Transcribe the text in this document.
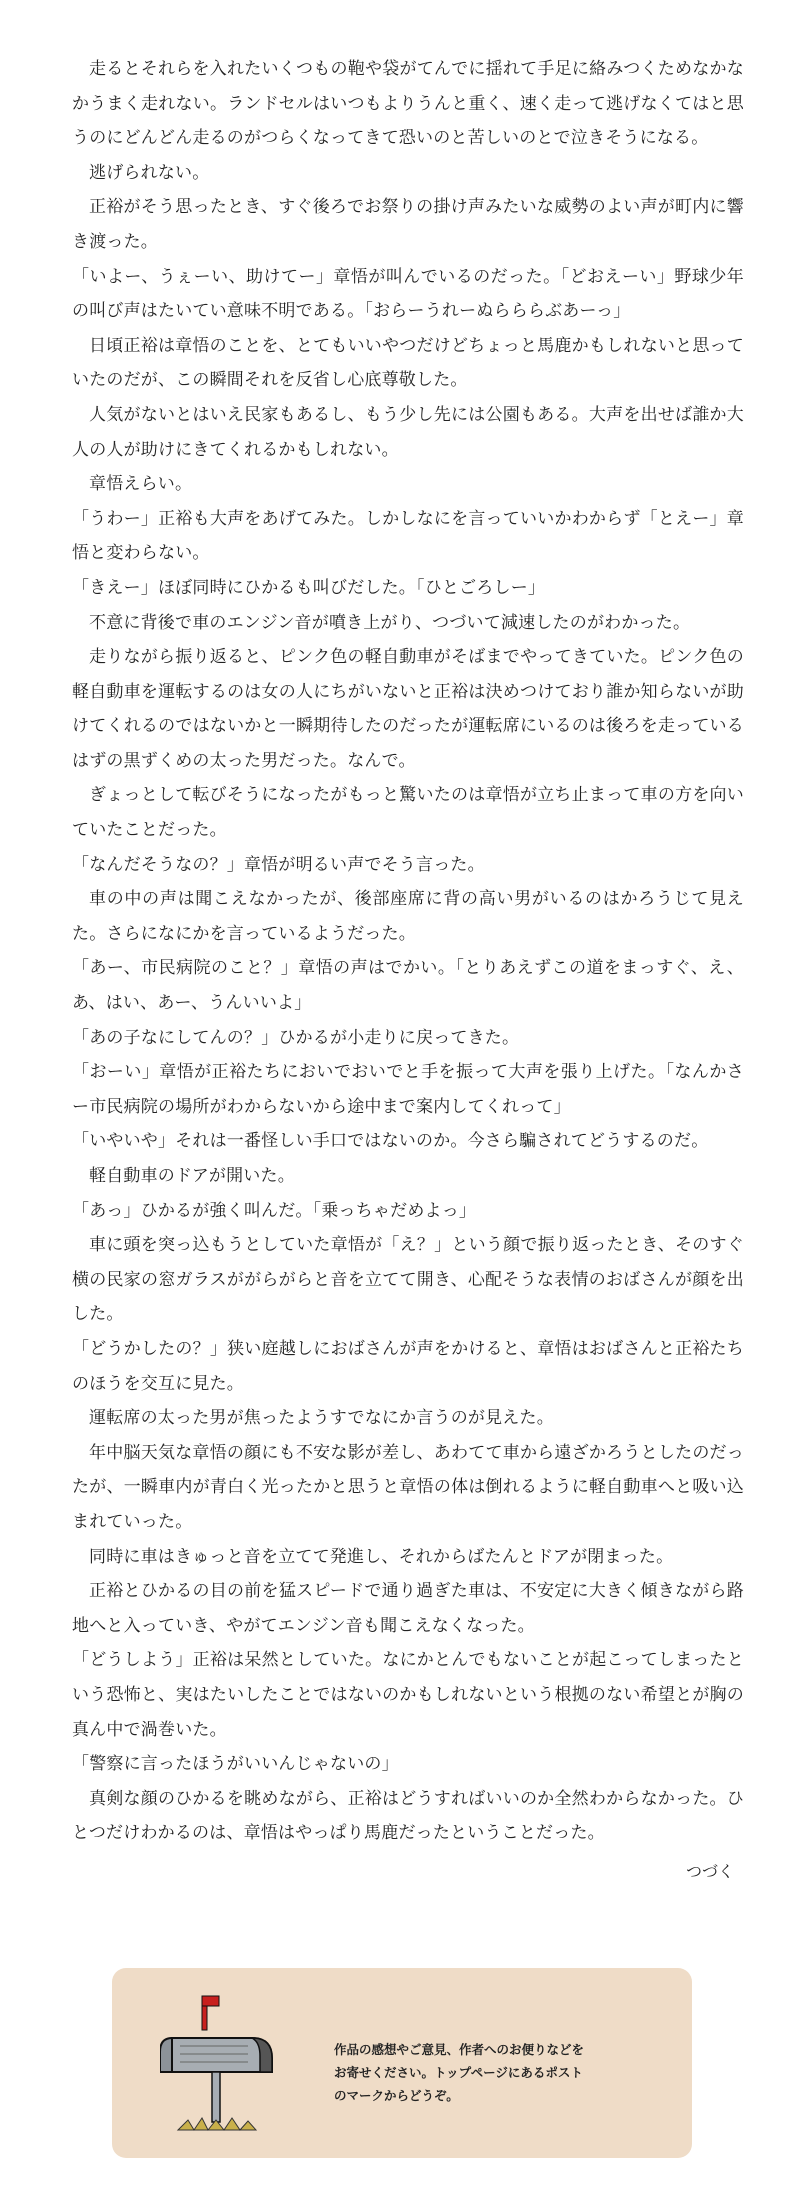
走るとそれらを入れたいくつもの鞄や袋がてんでに揺れて手足に絡みつくためなかなかうまく走れない。ランドセルはいつもよりうんと重く、速く走って逃げなくてはと思うのにどんどん走るのがつらくなってきて恐いのと苦しいのとで泣きそうになる。

逃げられない。

正裕がそう思ったとき、すぐ後ろでお祭りの掛け声みたいな威勢のよい声が町内に響き渡った。

「いよー、うぇーい、助けてー」章悟が叫んでいるのだった。「どおえーい」野球少年の叫び声はたいてい意味不明である。「おらーうれーぬらららぶあーっ」

日頃正裕は章悟のことを、とてもいいやつだけどちょっと馬鹿かもしれないと思っていたのだが、この瞬間それを反省し心底尊敬した。

人気がないとはいえ民家もあるし、もう少し先には公園もある。大声を出せば誰か大人の人が助けにきてくれるかもしれない。

章悟えらい。

「うわー」正裕も大声をあげてみた。しかしなにを言っていいかわからず「とえー」章悟と変わらない。

「きえー」ほぼ同時にひかるも叫びだした。「ひとごろしー」

不意に背後で車のエンジン音が噴き上がり、つづいて減速したのがわかった。

走りながら振り返ると、ピンク色の軽自動車がそばまでやってきていた。ピンク色の軽自動車を運転するのは女の人にちがいないと正裕は決めつけており誰か知らないが助けてくれるのではないかと一瞬期待したのだったが運転席にいるのは後ろを走っているはずの黒ずくめの太った男だった。なんで。

ぎょっとして転びそうになったがもっと驚いたのは章悟が立ち止まって車の方を向いていたことだった。

「なんだそうなの？」章悟が明るい声でそう言った。

車の中の声は聞こえなかったが、後部座席に背の高い男がいるのはかろうじて見えた。さらになにかを言っているようだった。

「あー、市民病院のこと？」章悟の声はでかい。「とりあえずこの道をまっすぐ、え、あ、はい、あー、うんいいよ」

「あの子なにしてんの？」ひかるが小走りに戻ってきた。

「おーい」章悟が正裕たちにおいでおいでと手を振って大声を張り上げた。「なんかさー市民病院の場所がわからないから途中まで案内してくれって」

「いやいや」それは一番怪しい手口ではないのか。今さら騙されてどうするのだ。

軽自動車のドアが開いた。

「あっ」ひかるが強く叫んだ。「乗っちゃだめよっ」

車に頭を突っ込もうとしていた章悟が「え？」という顔で振り返ったとき、そのすぐ横の民家の窓ガラスががらがらと音を立てて開き、心配そうな表情のおばさんが顔を出した。

「どうかしたの？」狭い庭越しにおばさんが声をかけると、章悟はおばさんと正裕たちのほうを交互に見た。

運転席の太った男が焦ったようすでなにか言うのが見えた。

年中脳天気な章悟の顔にも不安な影が差し、あわてて車から遠ざかろうとしたのだったが、一瞬車内が青白く光ったかと思うと章悟の体は倒れるように軽自動車へと吸い込まれていった。

同時に車はきゅっと音を立てて発進し、それからばたんとドアが閉まった。

正裕とひかるの目の前を猛スピードで通り過ぎた車は、不安定に大きく傾きながら路地へと入っていき、やがてエンジン音も聞こえなくなった。

「どうしよう」正裕は呆然としていた。なにかとんでもないことが起こってしまったという恐怖と、実はたいしたことではないのかもしれないという根拠のない希望とが胸の真ん中で渦巻いた。

「警察に言ったほうがいいんじゃないの」

真剣な顔のひかるを眺めながら、正裕はどうすればいいのか全然わからなかった。ひとつだけわかるのは、章悟はやっぱり馬鹿だったということだった。

つづく

作品の感想やご意見、作者へのお便りなどを
お寄せください。トップページにあるポスト
のマークからどうぞ。
